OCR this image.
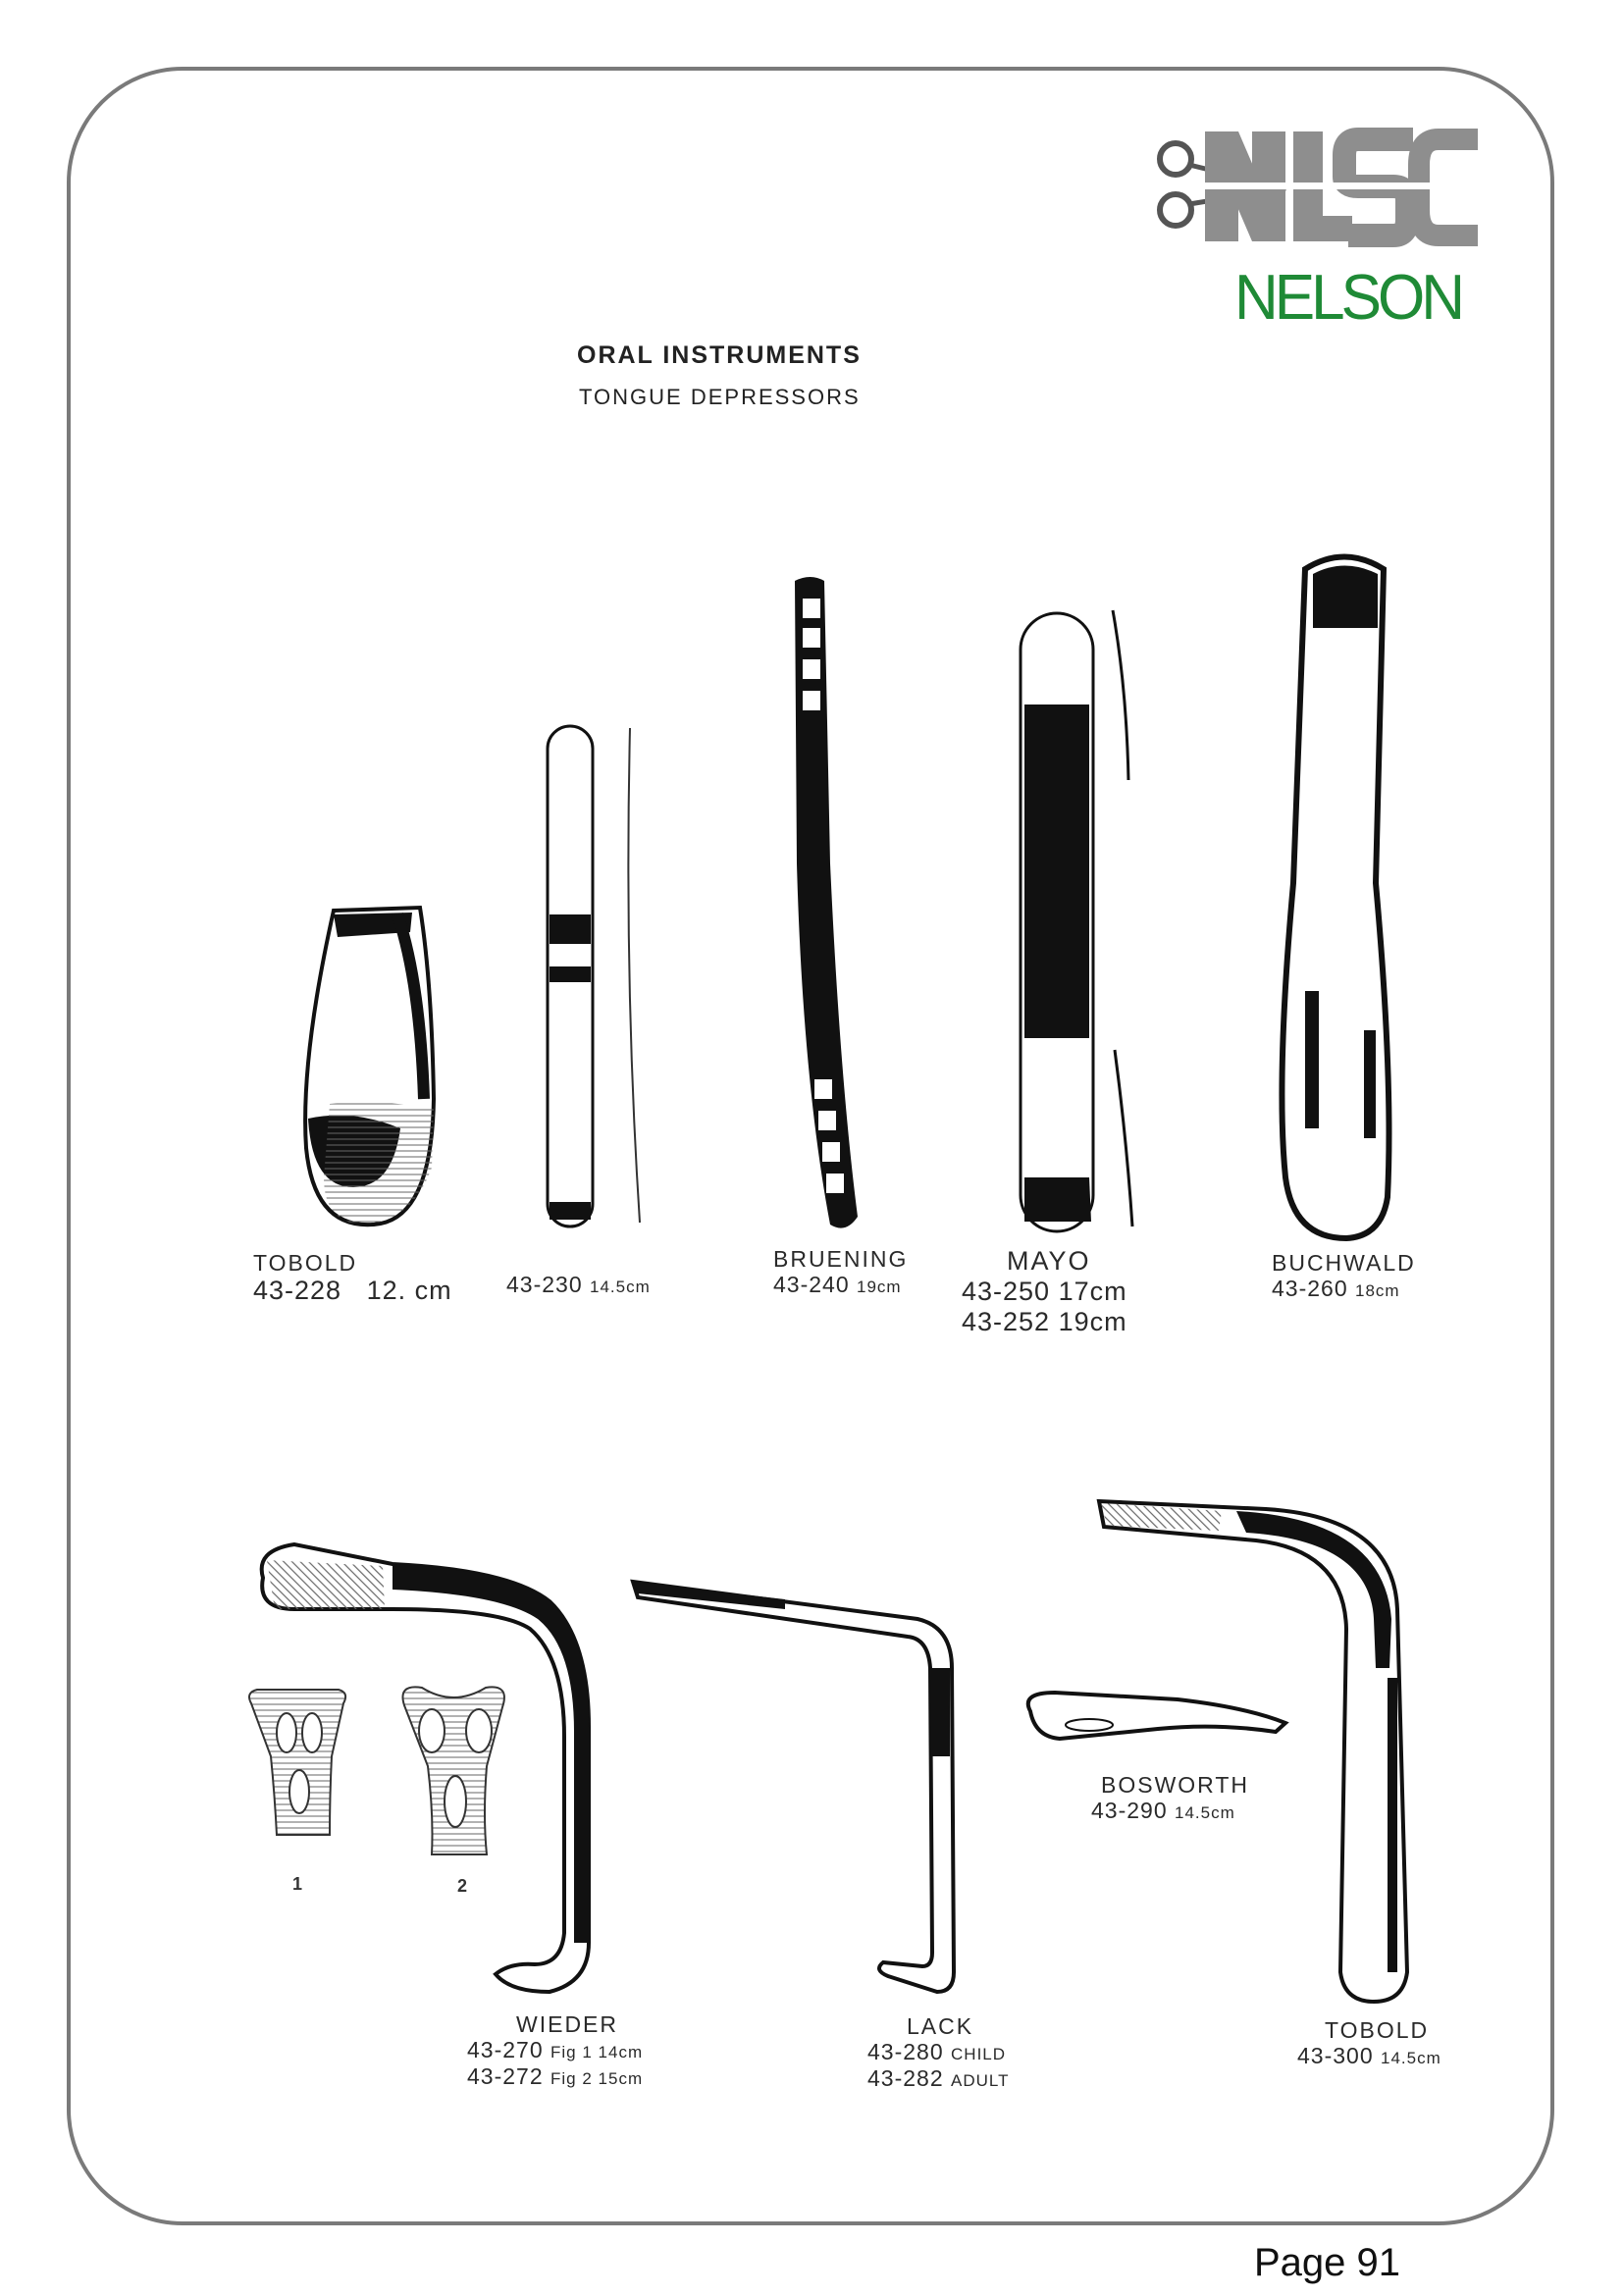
NELSON
ORAL INSTRUMENTS
TONGUE DEPRESSORS
TOBOLD
43-228 12. cm 43-230 14.5cm
BRUENING
43-240 19cm
MAYO
43-250 17cm
43-252 19cm
BUCHWALD
43-260 18cm
1	2
WIEDER
43-270 Fig 1 14cm
43-272 Fig 2 15cm
LACK
43-280 CHILD
43-282 ADULT
BOSWORTH
43-290 14.5cm
TOBOLD
43-300 14.5cm
Page 91
